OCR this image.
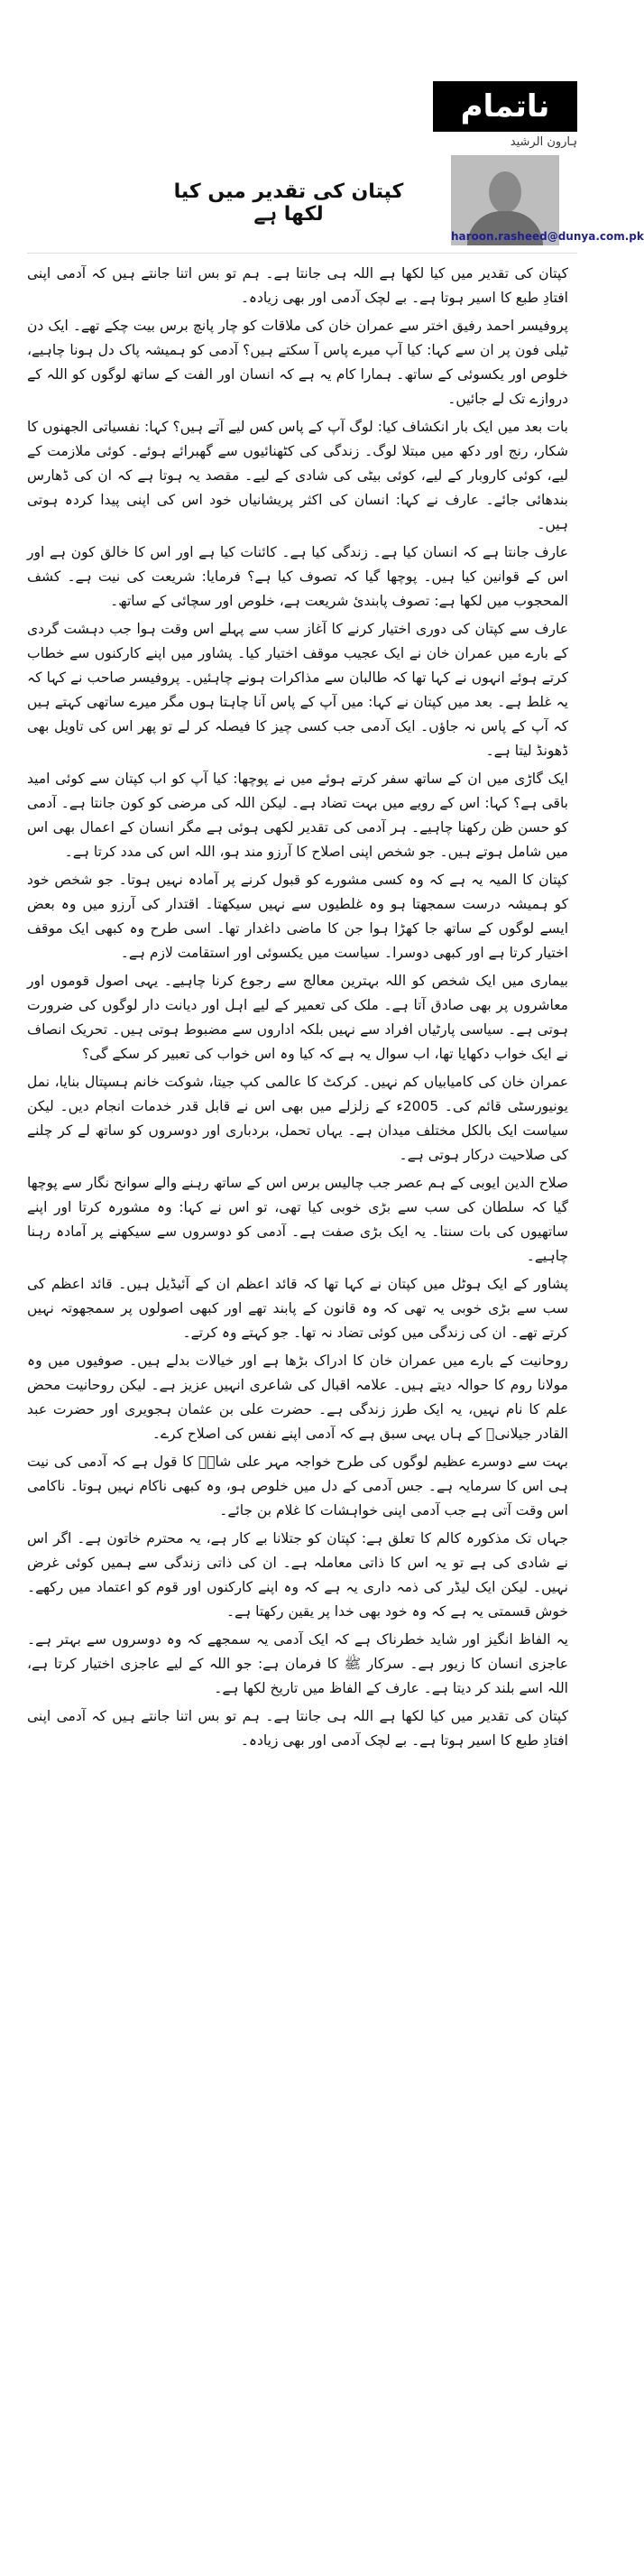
ناتمام
ہارون الرشید
کپتان کی تقدیر میں کیا لکھا ہے
haroon.rasheed@dunya.com.pk

کپتان کی تقدیر میں کیا لکھا ہے اللہ ہی جانتا ہے۔ ہم تو بس اتنا جانتے ہیں کہ آدمی اپنی افتادِ طبع کا اسیر ہوتا ہے۔ بے لچک آدمی اور بھی زیادہ۔

پروفیسر احمد رفیق اختر سے عمران خان کی ملاقات کو چار پانچ برس بیت چکے تھے۔ ایک دن ٹیلی فون پر ان سے کہا: کیا آپ میرے پاس آ سکتے ہیں؟ آدمی کو ہمیشہ پاک دل ہونا چاہیے، خلوص اور یکسوئی کے ساتھ۔ ہمارا کام یہ ہے کہ انسان اور الفت کے ساتھ لوگوں کو اللہ کے دروازے تک لے جائیں۔

بات بعد میں ایک بار انکشاف کیا: لوگ آپ کے پاس کس لیے آتے ہیں؟ کہا: نفسیاتی الجھنوں کا شکار، رنج اور دکھ میں مبتلا لوگ۔ زندگی کی کٹھنائیوں سے گھبرائے ہوئے۔ کوئی ملازمت کے لیے، کوئی کاروبار کے لیے، کوئی بیٹی کی شادی کے لیے۔ مقصد یہ ہوتا ہے کہ ان کی ڈھارس بندھائی جائے۔ عارف نے کہا: انسان کی اکثر پریشانیاں خود اس کی اپنی پیدا کردہ ہوتی ہیں۔

عارف جانتا ہے کہ انسان کیا ہے۔ زندگی کیا ہے۔ کائنات کیا ہے اور اس کا خالق کون ہے اور اس کے قوانین کیا ہیں۔ پوچھا گیا کہ تصوف کیا ہے؟ فرمایا: شریعت کی نیت ہے۔ کشف المحجوب میں لکھا ہے: تصوف پابندیٔ شریعت ہے، خلوص اور سچائی کے ساتھ۔

عارف سے کپتان کی دوری اختیار کرنے کا آغاز سب سے پہلے اس وقت ہوا جب دہشت گردی کے بارے میں عمران خان نے ایک عجیب موقف اختیار کیا۔ پشاور میں اپنے کارکنوں سے خطاب کرتے ہوئے انہوں نے کہا تھا کہ طالبان سے مذاکرات ہونے چاہئیں۔ پروفیسر صاحب نے کہا کہ یہ غلط ہے۔ بعد میں کپتان نے کہا: میں آپ کے پاس آنا چاہتا ہوں مگر میرے ساتھی کہتے ہیں کہ آپ کے پاس نہ جاؤں۔ ایک آدمی جب کسی چیز کا فیصلہ کر لے تو پھر اس کی تاویل بھی ڈھونڈ لیتا ہے۔

ایک گاڑی میں ان کے ساتھ سفر کرتے ہوئے میں نے پوچھا: کیا آپ کو اب کپتان سے کوئی امید باقی ہے؟ کہا: اس کے رویے میں بہت تضاد ہے۔ لیکن اللہ کی مرضی کو کون جانتا ہے۔ آدمی کو حسن ظن رکھنا چاہیے۔ ہر آدمی کی تقدیر لکھی ہوئی ہے مگر انسان کے اعمال بھی اس میں شامل ہوتے ہیں۔ جو شخص اپنی اصلاح کا آرزو مند ہو، اللہ اس کی مدد کرتا ہے۔

کپتان کا المیہ یہ ہے کہ وہ کسی مشورے کو قبول کرنے پر آمادہ نہیں ہوتا۔ جو شخص خود کو ہمیشہ درست سمجھتا ہو وہ غلطیوں سے نہیں سیکھتا۔ اقتدار کی آرزو میں وہ بعض ایسے لوگوں کے ساتھ جا کھڑا ہوا جن کا ماضی داغدار تھا۔ اسی طرح وہ کبھی ایک موقف اختیار کرتا ہے اور کبھی دوسرا۔ سیاست میں یکسوئی اور استقامت لازم ہے۔

بیماری میں ایک شخص کو اللہ بہترین معالج سے رجوع کرنا چاہیے۔ یہی اصول قوموں اور معاشروں پر بھی صادق آتا ہے۔ ملک کی تعمیر کے لیے اہل اور دیانت دار لوگوں کی ضرورت ہوتی ہے۔ سیاسی پارٹیاں افراد سے نہیں بلکہ اداروں سے مضبوط ہوتی ہیں۔ تحریک انصاف نے ایک خواب دکھایا تھا، اب سوال یہ ہے کہ کیا وہ اس خواب کی تعبیر کر سکے گی؟

عمران خان کی کامیابیاں کم نہیں۔ کرکٹ کا عالمی کپ جیتا، شوکت خانم ہسپتال بنایا، نمل یونیورسٹی قائم کی۔ 2005ء کے زلزلے میں بھی اس نے قابل قدر خدمات انجام دیں۔ لیکن سیاست ایک بالکل مختلف میدان ہے۔ یہاں تحمل، بردباری اور دوسروں کو ساتھ لے کر چلنے کی صلاحیت درکار ہوتی ہے۔

صلاح الدین ایوبی کے ہم عصر جب چالیس برس اس کے ساتھ رہنے والے سوانح نگار سے پوچھا گیا کہ سلطان کی سب سے بڑی خوبی کیا تھی، تو اس نے کہا: وہ مشورہ کرتا اور اپنے ساتھیوں کی بات سنتا۔ یہ ایک بڑی صفت ہے۔ آدمی کو دوسروں سے سیکھنے پر آمادہ رہنا چاہیے۔

پشاور کے ایک ہوٹل میں کپتان نے کہا تھا کہ قائد اعظم ان کے آئیڈیل ہیں۔ قائد اعظم کی سب سے بڑی خوبی یہ تھی کہ وہ قانون کے پابند تھے اور کبھی اصولوں پر سمجھوتہ نہیں کرتے تھے۔ ان کی زندگی میں کوئی تضاد نہ تھا۔ جو کہتے وہ کرتے۔

روحانیت کے بارے میں عمران خان کا ادراک بڑھا ہے اور خیالات بدلے ہیں۔ صوفیوں میں وہ مولانا روم کا حوالہ دیتے ہیں۔ علامہ اقبال کی شاعری انہیں عزیز ہے۔ لیکن روحانیت محض علم کا نام نہیں، یہ ایک طرز زندگی ہے۔ حضرت علی بن عثمان ہجویری اور حضرت عبد القادر جیلانیؒ کے ہاں یہی سبق ہے کہ آدمی اپنے نفس کی اصلاح کرے۔

بہت سے دوسرے عظیم لوگوں کی طرح خواجہ مہر علی شاہؒ کا قول ہے کہ آدمی کی نیت ہی اس کا سرمایہ ہے۔ جس آدمی کے دل میں خلوص ہو، وہ کبھی ناکام نہیں ہوتا۔ ناکامی اس وقت آتی ہے جب آدمی اپنی خواہشات کا غلام بن جائے۔

جہاں تک مذکورہ کالم کا تعلق ہے: کپتان کو جتلانا بے کار ہے، یہ محترم خاتون ہے۔ اگر اس نے شادی کی ہے تو یہ اس کا ذاتی معاملہ ہے۔ ان کی ذاتی زندگی سے ہمیں کوئی غرض نہیں۔ لیکن ایک لیڈر کی ذمہ داری یہ ہے کہ وہ اپنے کارکنوں اور قوم کو اعتماد میں رکھے۔ خوش قسمتی یہ ہے کہ وہ خود بھی خدا پر یقین رکھتا ہے۔

یہ الفاظ انگیز اور شاید خطرناک ہے کہ ایک آدمی یہ سمجھے کہ وہ دوسروں سے بہتر ہے۔ عاجزی انسان کا زیور ہے۔ سرکار ﷺ کا فرمان ہے: جو اللہ کے لیے عاجزی اختیار کرتا ہے، اللہ اسے بلند کر دیتا ہے۔ عارف کے الفاظ میں تاریخ لکھا ہے۔

کپتان کی تقدیر میں کیا لکھا ہے اللہ ہی جانتا ہے۔ ہم تو بس اتنا جانتے ہیں کہ آدمی اپنی افتادِ طبع کا اسیر ہوتا ہے۔ بے لچک آدمی اور بھی زیادہ۔
